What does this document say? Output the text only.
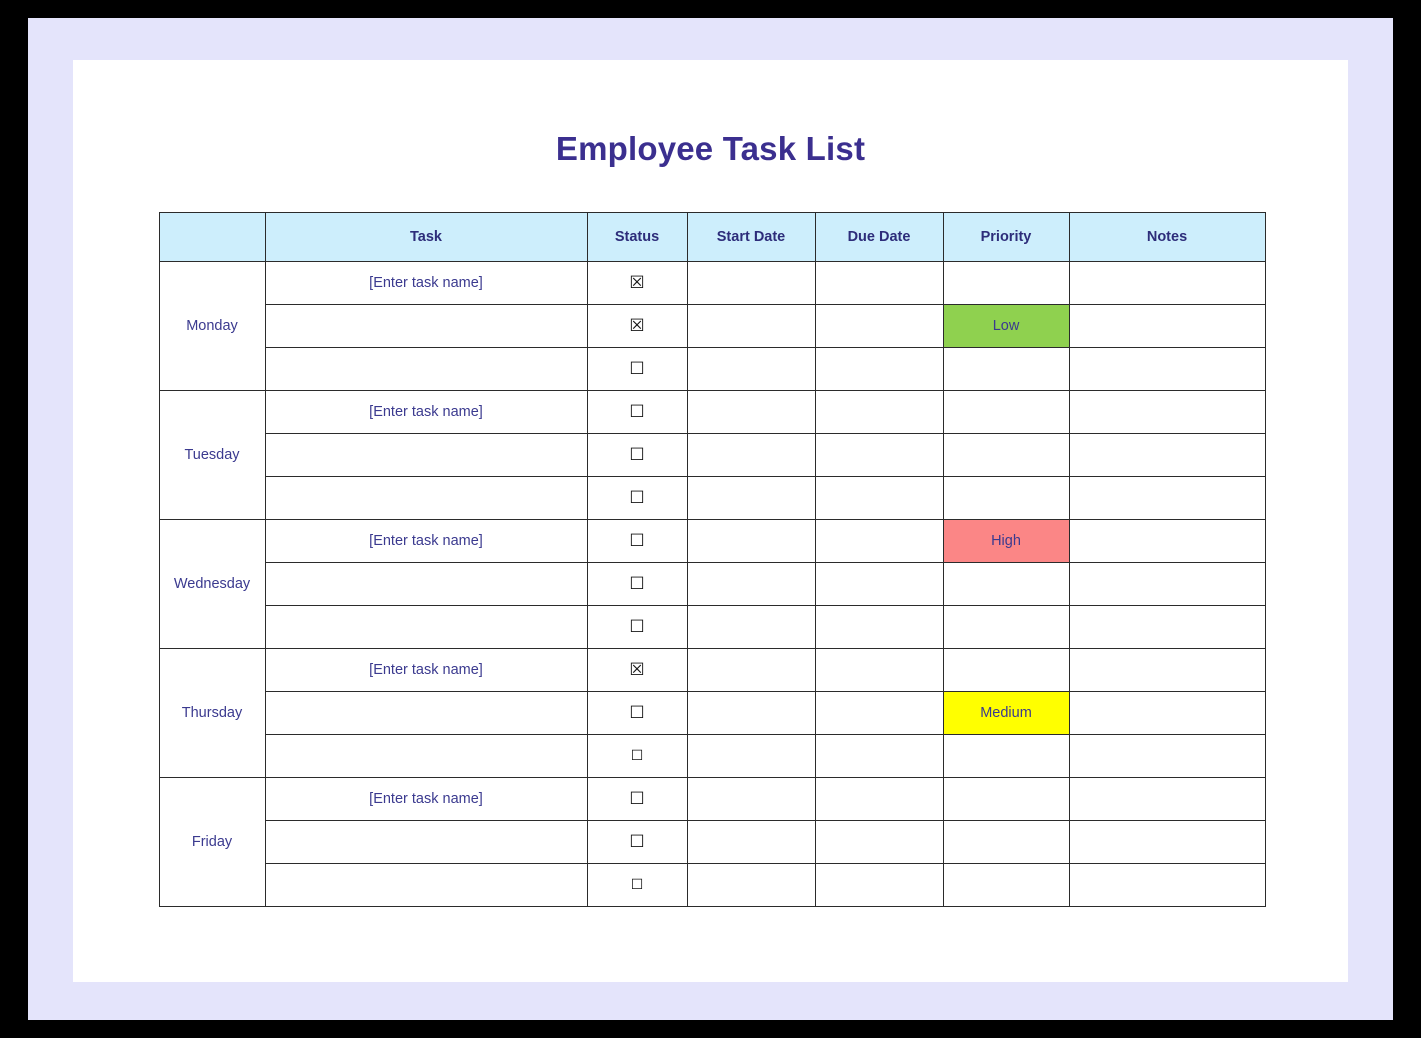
Employee Task List
	Task	Status	Start Date	Due Date	Priority	Notes
Monday	[Enter task name]	☒				
		☒			Low	
		☐				
Tuesday	[Enter task name]	☐				
		☐				
		☐				
Wednesday	[Enter task name]	☐			High	
		☐				
		☐				
Thursday	[Enter task name]	☒				
		☐			Medium	
		☐				
Friday	[Enter task name]	☐				
		☐				
		☐				
